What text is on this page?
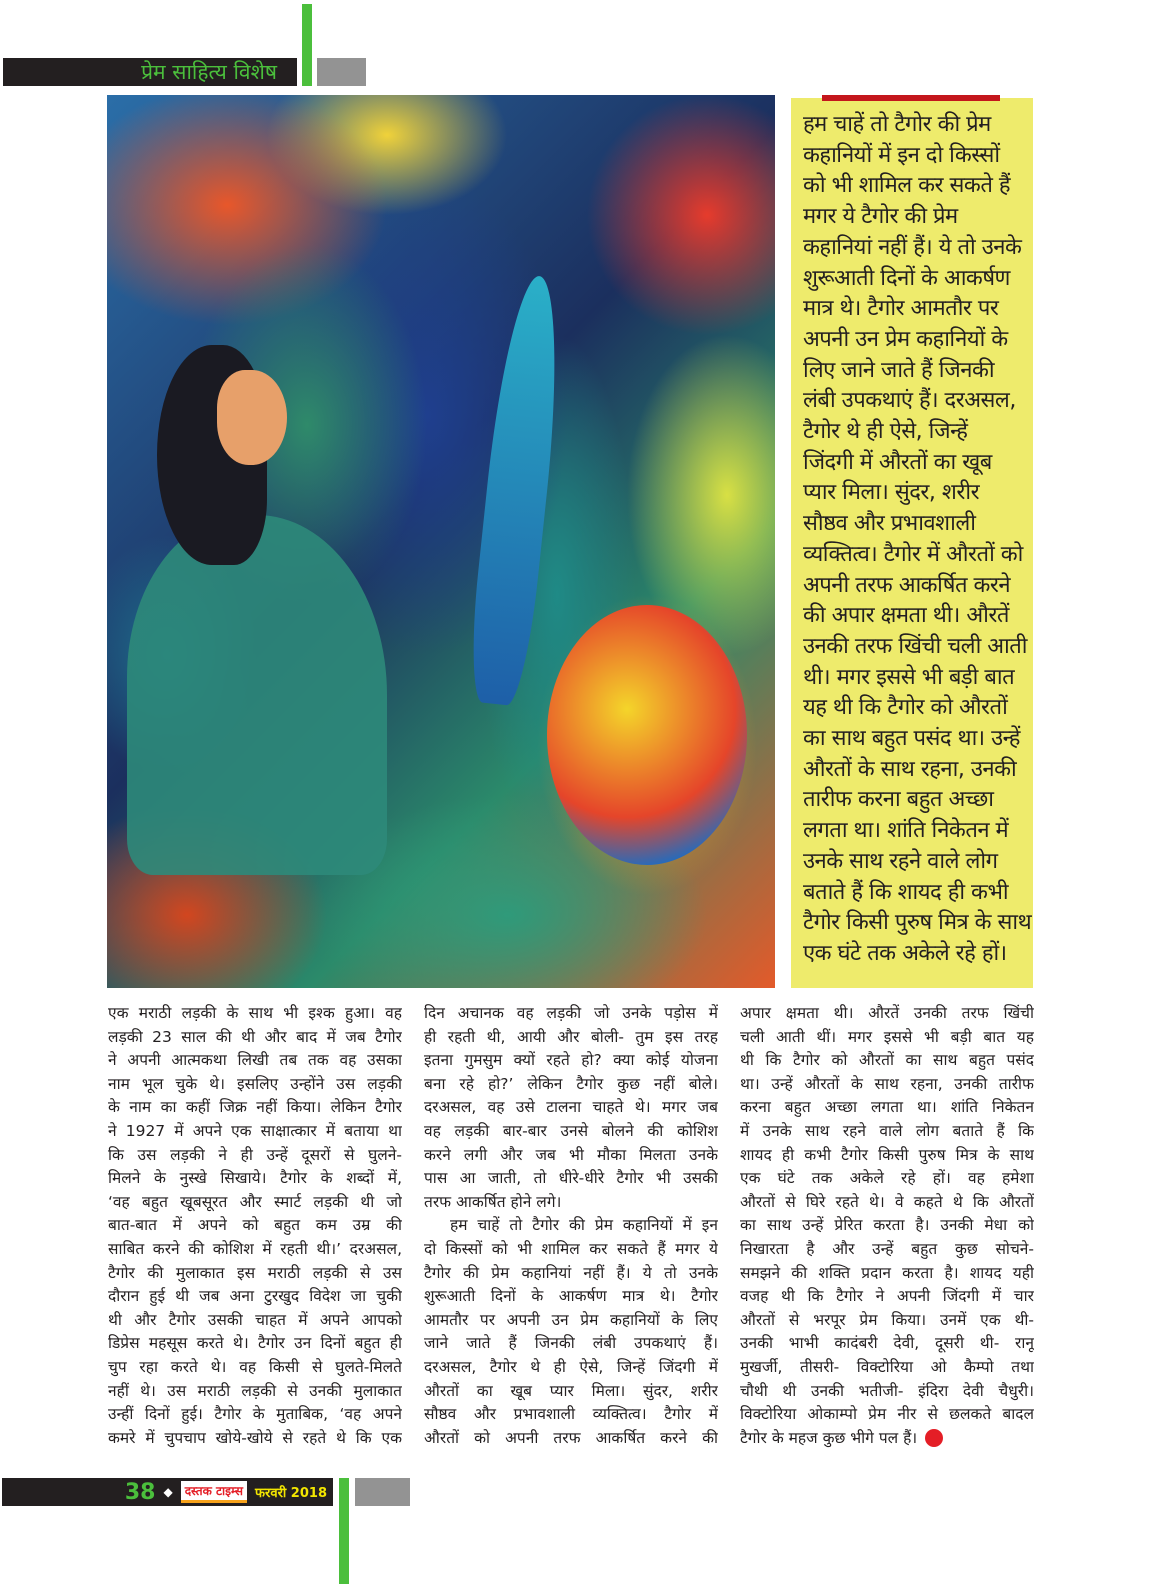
प्रेम साहित्य विशेष
हम चाहें तो टैगोर की प्रेम
कहानियों में इन दो किस्सों
को भी शामिल कर सकते हैं
मगर ये टैगोर की प्रेम
कहानियां नहीं हैं। ये तो उनके
शुरूआती दिनों के आकर्षण
मात्र थे। टैगोर आमतौर पर
अपनी उन प्रेम कहानियों के
लिए जाने जाते हैं जिनकी
लंबी उपकथाएं हैं। दरअसल,
टैगोर थे ही ऐसे, जिन्हें
जिंदगी में औरतों का खूब
प्यार मिला। सुंदर, शरीर
सौष्ठव और प्रभावशाली
व्यक्तित्व। टैगोर में औरतों को
अपनी तरफ आकर्षित करने
की अपार क्षमता थी। औरतें
उनकी तरफ खिंची चली आती
थी। मगर इससे भी बड़ी बात
यह थी कि टैगोर को औरतों
का साथ बहुत पसंद था। उन्हें
औरतों के साथ रहना, उनकी
तारीफ करना बहुत अच्छा
लगता था। शांति निकेतन में
उनके साथ रहने वाले लोग
बताते हैं कि शायद ही कभी
टैगोर किसी पुरुष मित्र के साथ
एक घंटे तक अकेले रहे हों।
एक मराठी लड़की के साथ भी इश्क हुआ। वह
लड़की 23 साल की थी और बाद में जब टैगोर
ने अपनी आत्मकथा लिखी तब तक वह उसका
नाम भूल चुके थे। इसलिए उन्होंने उस लड़की
के नाम का कहीं जिक्र नहीं किया। लेकिन टैगोर
ने 1927 में अपने एक साक्षात्कार में बताया था
कि उस लड़की ने ही उन्हें दूसरों से घुलने-
मिलने के नुस्खे सिखाये। टैगोर के शब्दों में,
‘वह बहुत खूबसूरत और स्मार्ट लड़की थी जो
बात-बात में अपने को बहुत कम उम्र की
साबित करने की कोशिश में रहती थी।’ दरअसल,
टैगोर की मुलाकात इस मराठी लड़की से उस
दौरान हुई थी जब अना टुरखुद विदेश जा चुकी
थी और टैगोर उसकी चाहत में अपने आपको
डिप्रेस महसूस करते थे। टैगोर उन दिनों बहुत ही
चुप रहा करते थे। वह किसी से घुलते-मिलते
नहीं थे। उस मराठी लड़की से उनकी मुलाकात
उन्हीं दिनों हुई। टैगोर के मुताबिक, ‘वह अपने
कमरे में चुपचाप खोये-खोये से रहते थे कि एक
दिन अचानक वह लड़की जो उनके पड़ोस में
ही रहती थी, आयी और बोली- तुम इस तरह
इतना गुमसुम क्यों रहते हो? क्या कोई योजना
बना रहे हो?’ लेकिन टैगोर कुछ नहीं बोले।
दरअसल, वह उसे टालना चाहते थे। मगर जब
वह लड़की बार-बार उनसे बोलने की कोशिश
करने लगी और जब भी मौका मिलता उनके
पास आ जाती, तो धीरे-धीरे टैगोर भी उसकी
तरफ आकर्षित होने लगे।
हम चाहें तो टैगोर की प्रेम कहानियों में इन
दो किस्सों को भी शामिल कर सकते हैं मगर ये
टैगोर की प्रेम कहानियां नहीं हैं। ये तो उनके
शुरूआती दिनों के आकर्षण मात्र थे। टैगोर
आमतौर पर अपनी उन प्रेम कहानियों के लिए
जाने जाते हैं जिनकी लंबी उपकथाएं हैं।
दरअसल, टैगोर थे ही ऐसे, जिन्हें जिंदगी में
औरतों का खूब प्यार मिला। सुंदर, शरीर
सौष्ठव और प्रभावशाली व्यक्तित्व। टैगोर में
औरतों को अपनी तरफ आकर्षित करने की
अपार क्षमता थी। औरतें उनकी तरफ खिंची
चली आती थीं। मगर इससे भी बड़ी बात यह
थी कि टैगोर को औरतों का साथ बहुत पसंद
था। उन्हें औरतों के साथ रहना, उनकी तारीफ
करना बहुत अच्छा लगता था। शांति निकेतन
में उनके साथ रहने वाले लोग बताते हैं कि
शायद ही कभी टैगोर किसी पुरुष मित्र के साथ
एक घंटे तक अकेले रहे हों। वह हमेशा
औरतों से घिरे रहते थे। वे कहते थे कि औरतों
का साथ उन्हें प्रेरित करता है। उनकी मेधा को
निखारता है और उन्हें बहुत कुछ सोचने-
समझने की शक्ति प्रदान करता है। शायद यही
वजह थी कि टैगोर ने अपनी जिंदगी में चार
औरतों से भरपूर प्रेम किया। उनमें एक थी-
उनकी भाभी कादंबरी देवी, दूसरी थी- रानू
मुखर्जी, तीसरी- विक्टोरिया ओ कैम्पो तथा
चौथी थी उनकी भतीजी- इंदिरा देवी चैधुरी।
विक्टोरिया ओकाम्पो प्रेम नीर से छलकते बादल
टैगोर के महज कुछ भीगे पल हैं।
38 ◆	दस्तक टाइम्स फरवरी 2018
